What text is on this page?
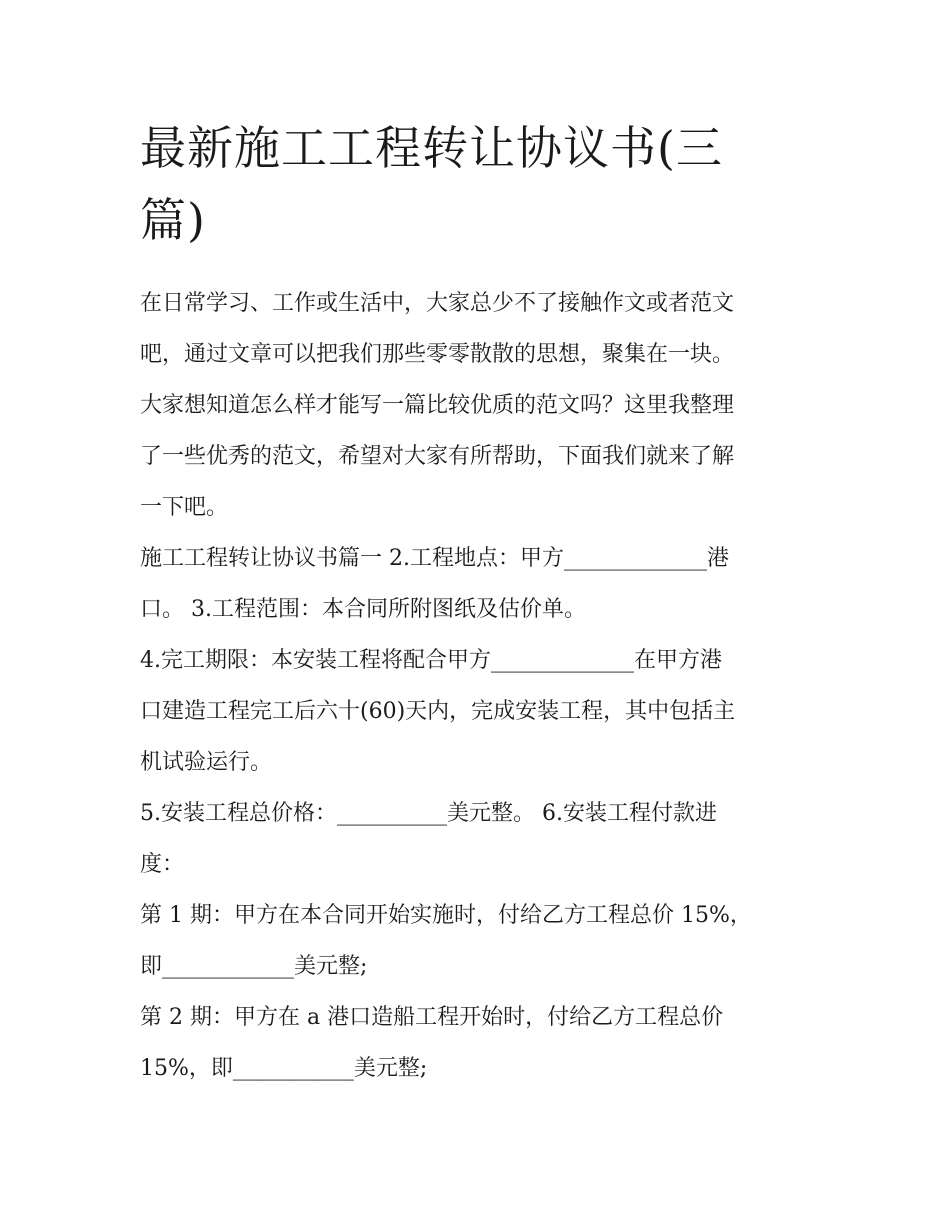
最新施工工程转让协议书(三
篇)

在日常学习、工作或生活中，大家总少不了接触作文或者范文
吧，通过文章可以把我们那些零零散散的思想，聚集在一块。
大家想知道怎么样才能写一篇比较优质的范文吗？这里我整理
了一些优秀的范文，希望对大家有所帮助，下面我们就来了解
一下吧。

施工工程转让协议书篇一 2.工程地点：甲方_____________港
口。 3.工程范围：本合同所附图纸及估价单。

4.完工期限：本安装工程将配合甲方_____________在甲方港
口建造工程完工后六十(60)天内，完成安装工程，其中包括主
机试验运行。

5.安装工程总价格：__________美元整。 6.安装工程付款进
度：

第 1 期：甲方在本合同开始实施时，付给乙方工程总价 15%，
即____________美元整;

第 2 期：甲方在 a 港口造船工程开始时，付给乙方工程总价
15%，即___________美元整;
